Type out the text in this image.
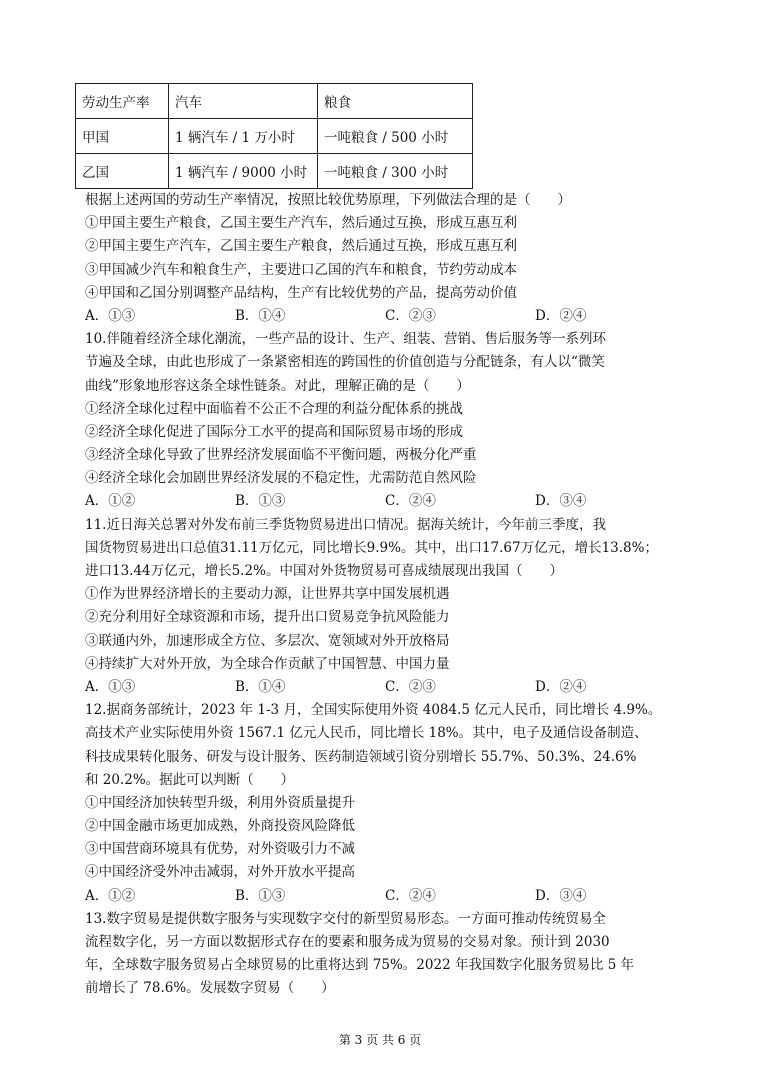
劳动生产率	汽车	粮食
甲国	1 辆汽车 / 1 万小时	一吨粮食 / 500 小时
乙国	1 辆汽车 / 9000 小时	一吨粮食 / 300 小时
根据上述两国的劳动生产率情况，按照比较优势原理，下列做法合理的是（　　）
①甲国主要生产粮食，乙国主要生产汽车，然后通过互换，形成互惠互利
②甲国主要生产汽车，乙国主要生产粮食，然后通过互换，形成互惠互利
③甲国减少汽车和粮食生产，主要进口乙国的汽车和粮食，节约劳动成本
④甲国和乙国分别调整产品结构，生产有比较优势的产品，提高劳动价值
A．①③	B．①④	C．②③	D．②④
10.伴随着经济全球化潮流，一些产品的设计、生产、组装、营销、售后服务等一系列环
节遍及全球，由此也形成了一条紧密相连的跨国性的价值创造与分配链条，有人以“微笑
曲线”形象地形容这条全球性链条。对此，理解正确的是（　　）
①经济全球化过程中面临着不公正不合理的利益分配体系的挑战
②经济全球化促进了国际分工水平的提高和国际贸易市场的形成
③经济全球化导致了世界经济发展面临不平衡问题，两极分化严重
④经济全球化会加剧世界经济发展的不稳定性，尤需防范自然风险
A．①②	B．①③	C．②④	D．③④
11.近日海关总署对外发布前三季货物贸易进出口情况。据海关统计，今年前三季度，我
国货物贸易进出口总值31.11万亿元，同比增长9.9%。其中，出口17.67万亿元，增长13.8%；
进口13.44万亿元，增长5.2%。中国对外货物贸易可喜成绩展现出我国（　　）
①作为世界经济增长的主要动力源，让世界共享中国发展机遇
②充分利用好全球资源和市场，提升出口贸易竞争抗风险能力
③联通内外，加速形成全方位、多层次、宽领域对外开放格局
④持续扩大对外开放，为全球合作贡献了中国智慧、中国力量
A．①③	B．①④	C．②③	D．②④
12.据商务部统计，2023 年 1-3 月，全国实际使用外资 4084.5 亿元人民币，同比增长 4.9%。
高技术产业实际使用外资 1567.1 亿元人民币，同比增长 18%。其中，电子及通信设备制造、
科技成果转化服务、研发与设计服务、医药制造领域引资分别增长 55.7%、50.3%、24.6%
和 20.2%。据此可以判断（　　）
①中国经济加快转型升级，利用外资质量提升
②中国金融市场更加成熟，外商投资风险降低
③中国营商环境具有优势，对外资吸引力不减
④中国经济受外冲击减弱，对外开放水平提高
A．①②	B．①③	C．②④	D．③④
13.数字贸易是提供数字服务与实现数字交付的新型贸易形态。一方面可推动传统贸易全
流程数字化，另一方面以数据形式存在的要素和服务成为贸易的交易对象。预计到 2030
年，全球数字服务贸易占全球贸易的比重将达到 75%。2022 年我国数字化服务贸易比 5 年
前增长了 78.6%。发展数字贸易（　　）
第 3 页 共 6 页
